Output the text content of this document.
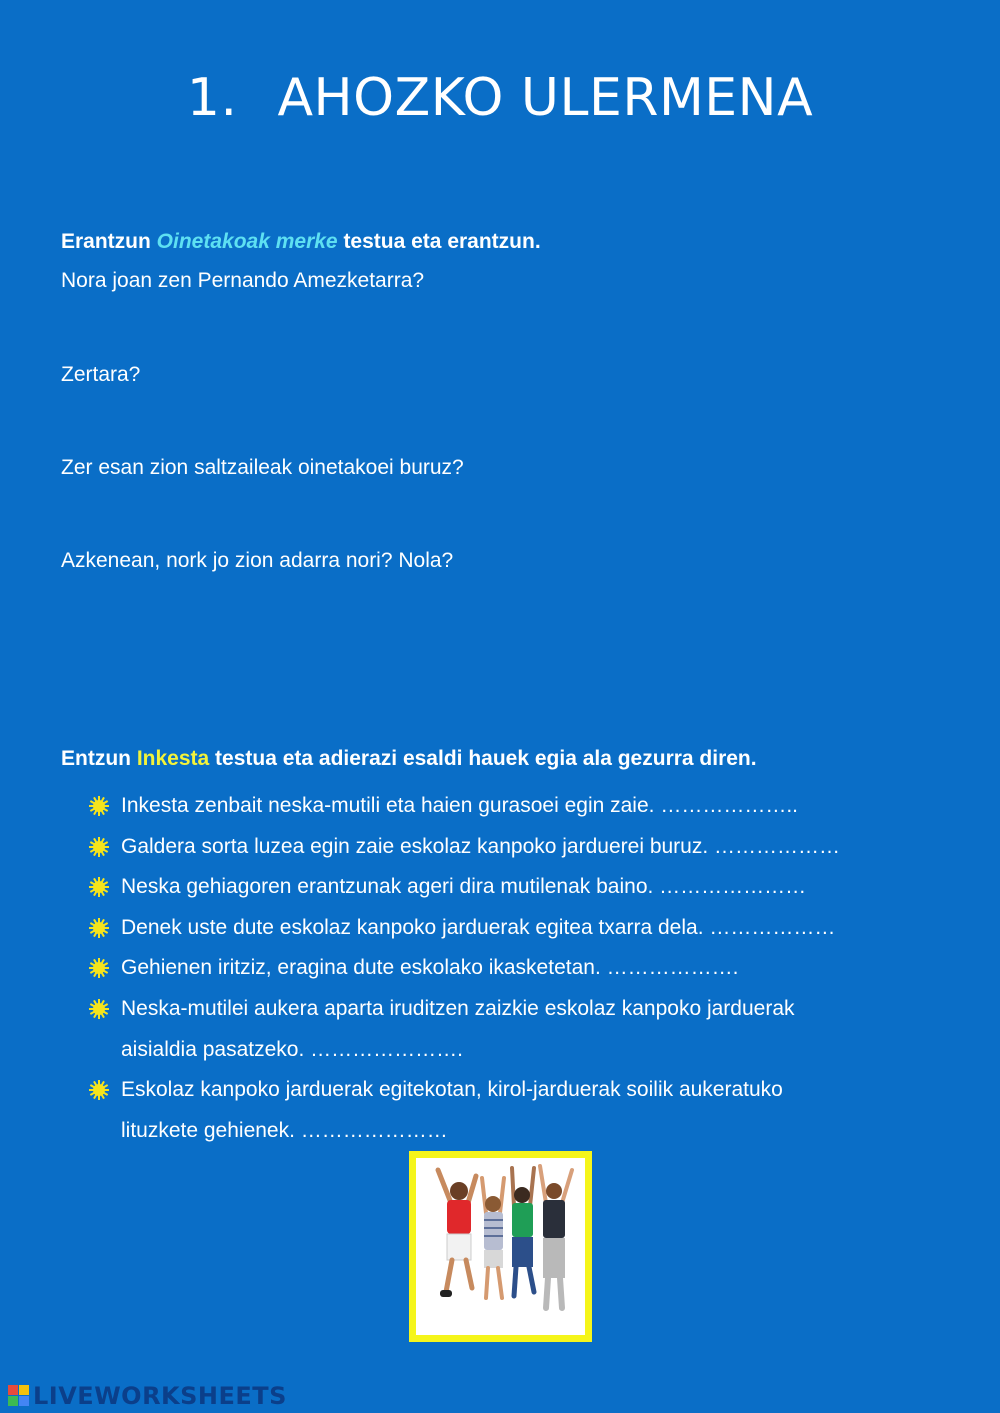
1. AHOZKO ULERMENA
Erantzun Oinetakoak merke testua eta erantzun.
Nora joan zen Pernando Amezketarra?
Zertara?
Zer esan zion saltzaileak oinetakoei buruz?
Azkenean, nork jo zion adarra nori? Nola?
Entzun Inkesta testua eta adierazi esaldi hauek egia ala gezurra diren.
Inkesta zenbait neska-mutili eta haien gurasoei egin zaie. ………………..
Galdera sorta luzea egin zaie eskolaz kanpoko jarduerei buruz. ………………
Neska gehiagoren erantzunak ageri dira mutilenak baino. …………………
Denek uste dute eskolaz kanpoko jarduerak egitea txarra dela. ………………
Gehienen iritziz, eragina dute eskolako ikasketetan. ……………….
Neska-mutilei aukera aparta iruditzen zaizkie eskolaz kanpoko jarduerak
aisialdia pasatzeko. ………………….
Eskolaz kanpoko jarduerak egitekotan, kirol-jarduerak soilik aukeratuko
lituzkete gehienek. …………………
LIVEWORKSHEETS
